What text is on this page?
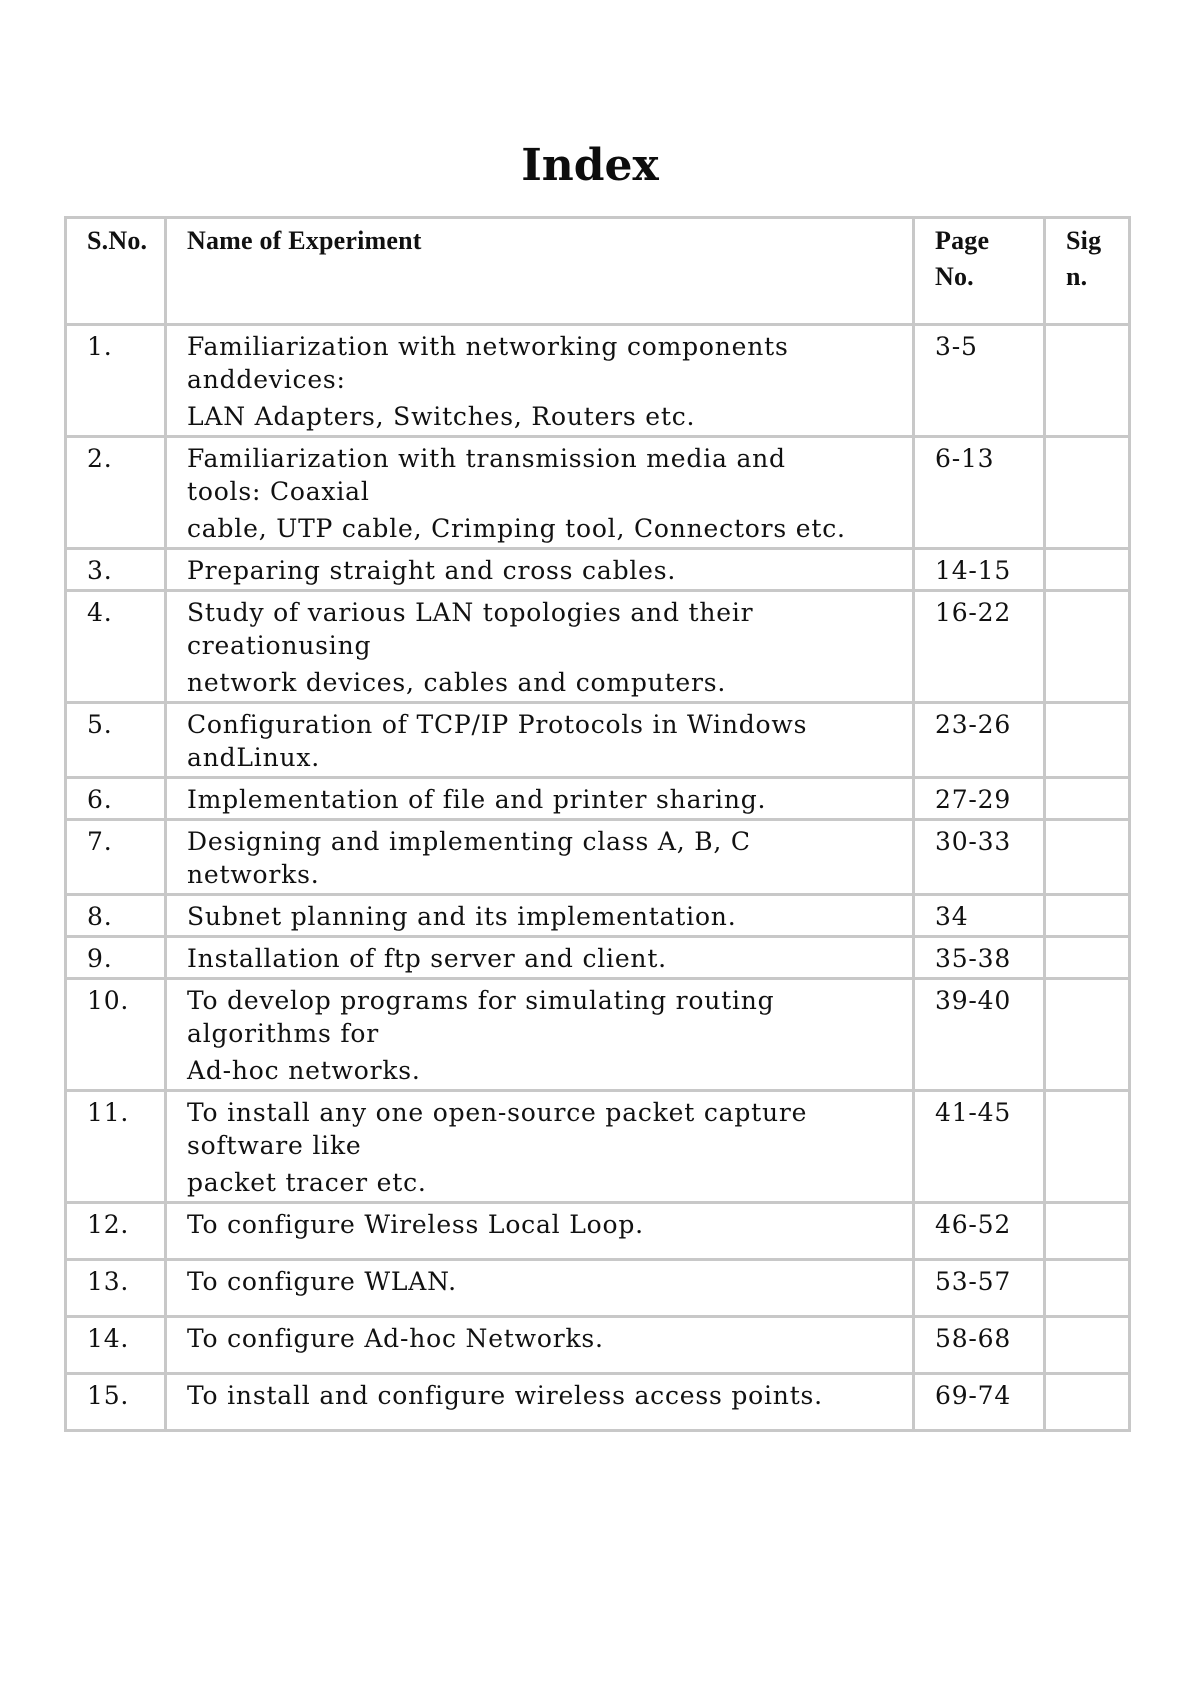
Index
S.No.	Name of Experiment	Page No.	Sign.
1.	Familiarization with networking components
anddevices:
LAN Adapters, Switches, Routers etc.	3-5	
2.	Familiarization with transmission media and
tools: Coaxial
cable, UTP cable, Crimping tool, Connectors etc.	6-13	
3.	Preparing straight and cross cables.	14-15	
4.	Study of various LAN topologies and their
creationusing
network devices, cables and computers.	16-22	
5.	Configuration of TCP/IP Protocols in Windows
andLinux.	23-26	
6.	Implementation of file and printer sharing.	27-29	
7.	Designing and implementing class A, B, C
networks.	30-33	
8.	Subnet planning and its implementation.	34	
9.	Installation of ftp server and client.	35-38	
10.	To develop programs for simulating routing
algorithms for
Ad-hoc networks.	39-40	
11.	To install any one open-source packet capture
software like
packet tracer etc.	41-45	
12.	To configure Wireless Local Loop.	46-52	
13.	To configure WLAN.	53-57	
14.	To configure Ad-hoc Networks.	58-68	
15.	To install and configure wireless access points.	69-74	
